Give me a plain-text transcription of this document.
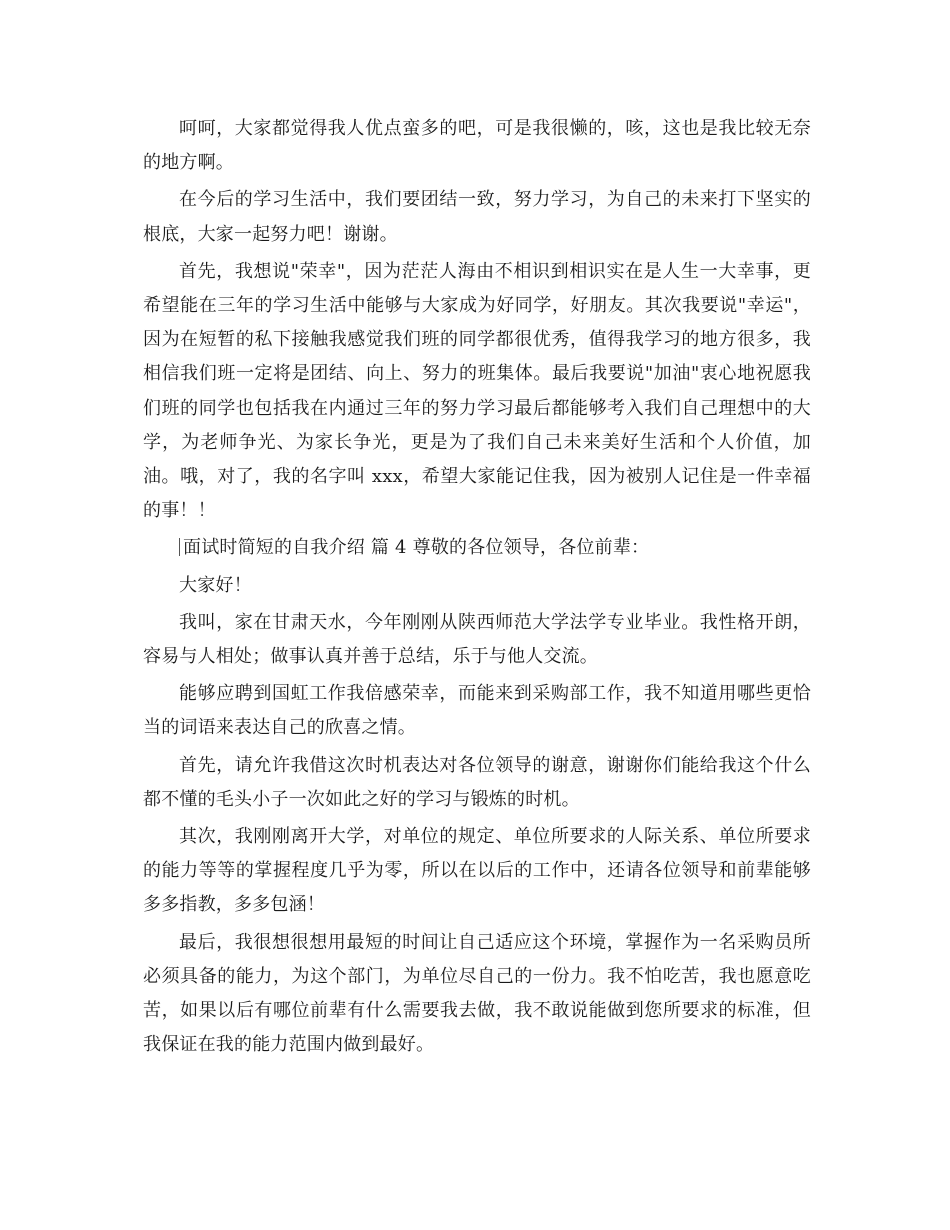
呵呵，大家都觉得我人优点蛮多的吧，可是我很懒的，咳，这也是我比较无奈的地方啊。

在今后的学习生活中，我们要团结一致，努力学习，为自己的未来打下坚实的根底，大家一起努力吧！谢谢。

首先，我想说"荣幸"，因为茫茫人海由不相识到相识实在是人生一大幸事，更希望能在三年的学习生活中能够与大家成为好同学，好朋友。其次我要说"幸运"，因为在短暂的私下接触我感觉我们班的同学都很优秀，值得我学习的地方很多，我相信我们班一定将是团结、向上、努力的班集体。最后我要说"加油"衷心地祝愿我们班的同学也包括我在内通过三年的努力学习最后都能够考入我们自己理想中的大学，为老师争光、为家长争光，更是为了我们自己未来美好生活和个人价值，加油。哦，对了，我的名字叫 xxx，希望大家能记住我，因为被别人记住是一件幸福的事！！

面试时简短的自我介绍 篇 4 尊敬的各位领导，各位前辈：

大家好！

我叫，家在甘肃天水，今年刚刚从陕西师范大学法学专业毕业。我性格开朗，容易与人相处；做事认真并善于总结，乐于与他人交流。

能够应聘到国虹工作我倍感荣幸，而能来到采购部工作，我不知道用哪些更恰当的词语来表达自己的欣喜之情。

首先，请允许我借这次时机表达对各位领导的谢意，谢谢你们能给我这个什么都不懂的毛头小子一次如此之好的学习与锻炼的时机。

其次，我刚刚离开大学，对单位的规定、单位所要求的人际关系、单位所要求的能力等等的掌握程度几乎为零，所以在以后的工作中，还请各位领导和前辈能够多多指教，多多包涵！

最后，我很想很想用最短的时间让自己适应这个环境，掌握作为一名采购员所必须具备的能力，为这个部门，为单位尽自己的一份力。我不怕吃苦，我也愿意吃苦，如果以后有哪位前辈有什么需要我去做，我不敢说能做到您所要求的标准，但我保证在我的能力范围内做到最好。
